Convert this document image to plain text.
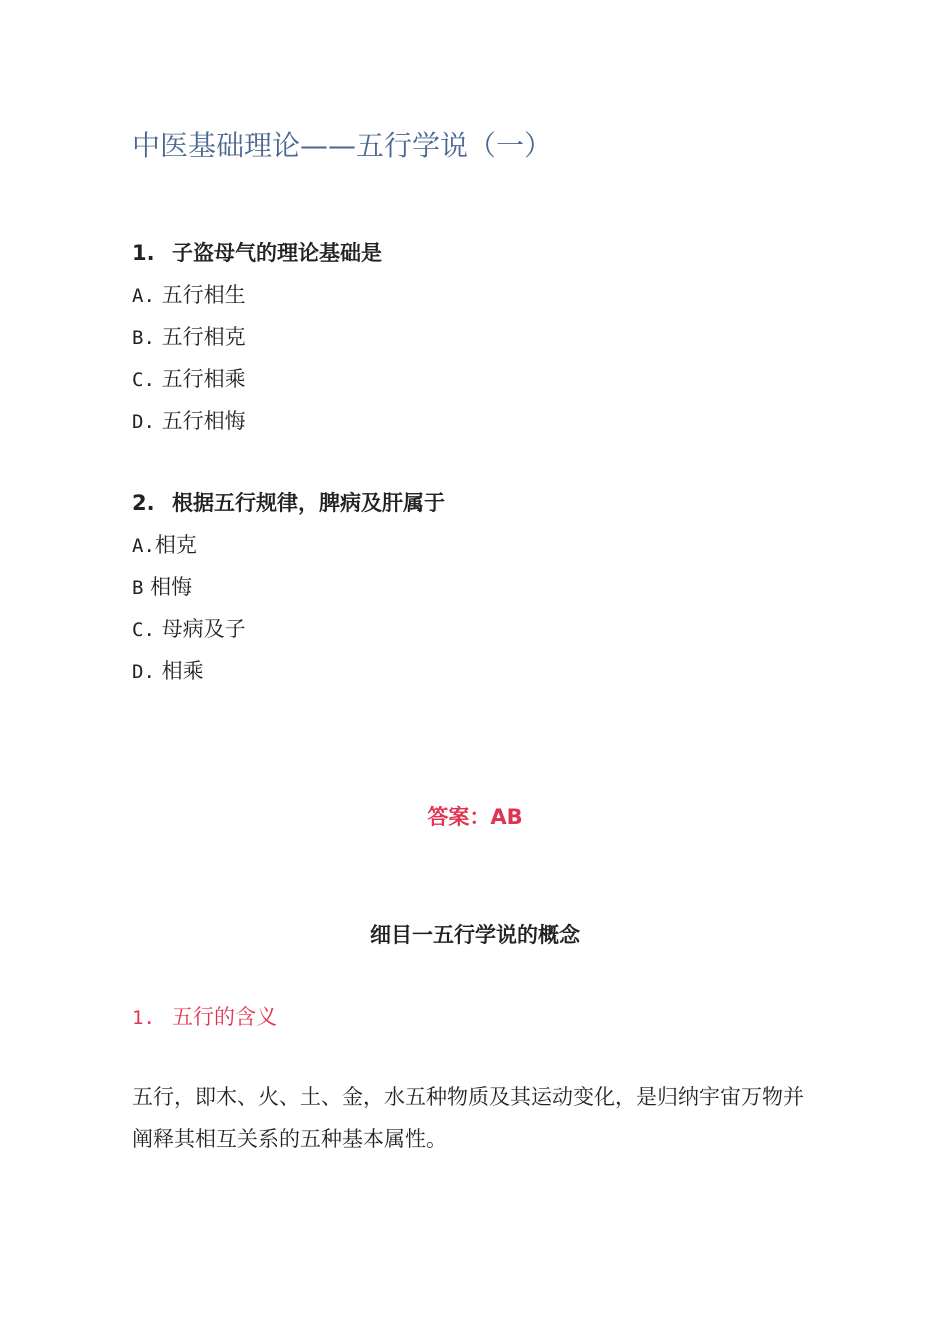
中医基础理论——五行学说（一）
1. 子盗母气的理论基础是
A. 五行相生
B. 五行相克
C. 五行相乘
D. 五行相悔
2. 根据五行规律，脾病及肝属于
A.相克
B 相悔
C. 母病及子
D. 相乘
答案：AB
细目一五行学说的概念
1. 五行的含义
五行，即木、火、土、金，水五种物质及其运动变化，是归纳宇宙万物并阐释其相互关系的五种基本属性。
